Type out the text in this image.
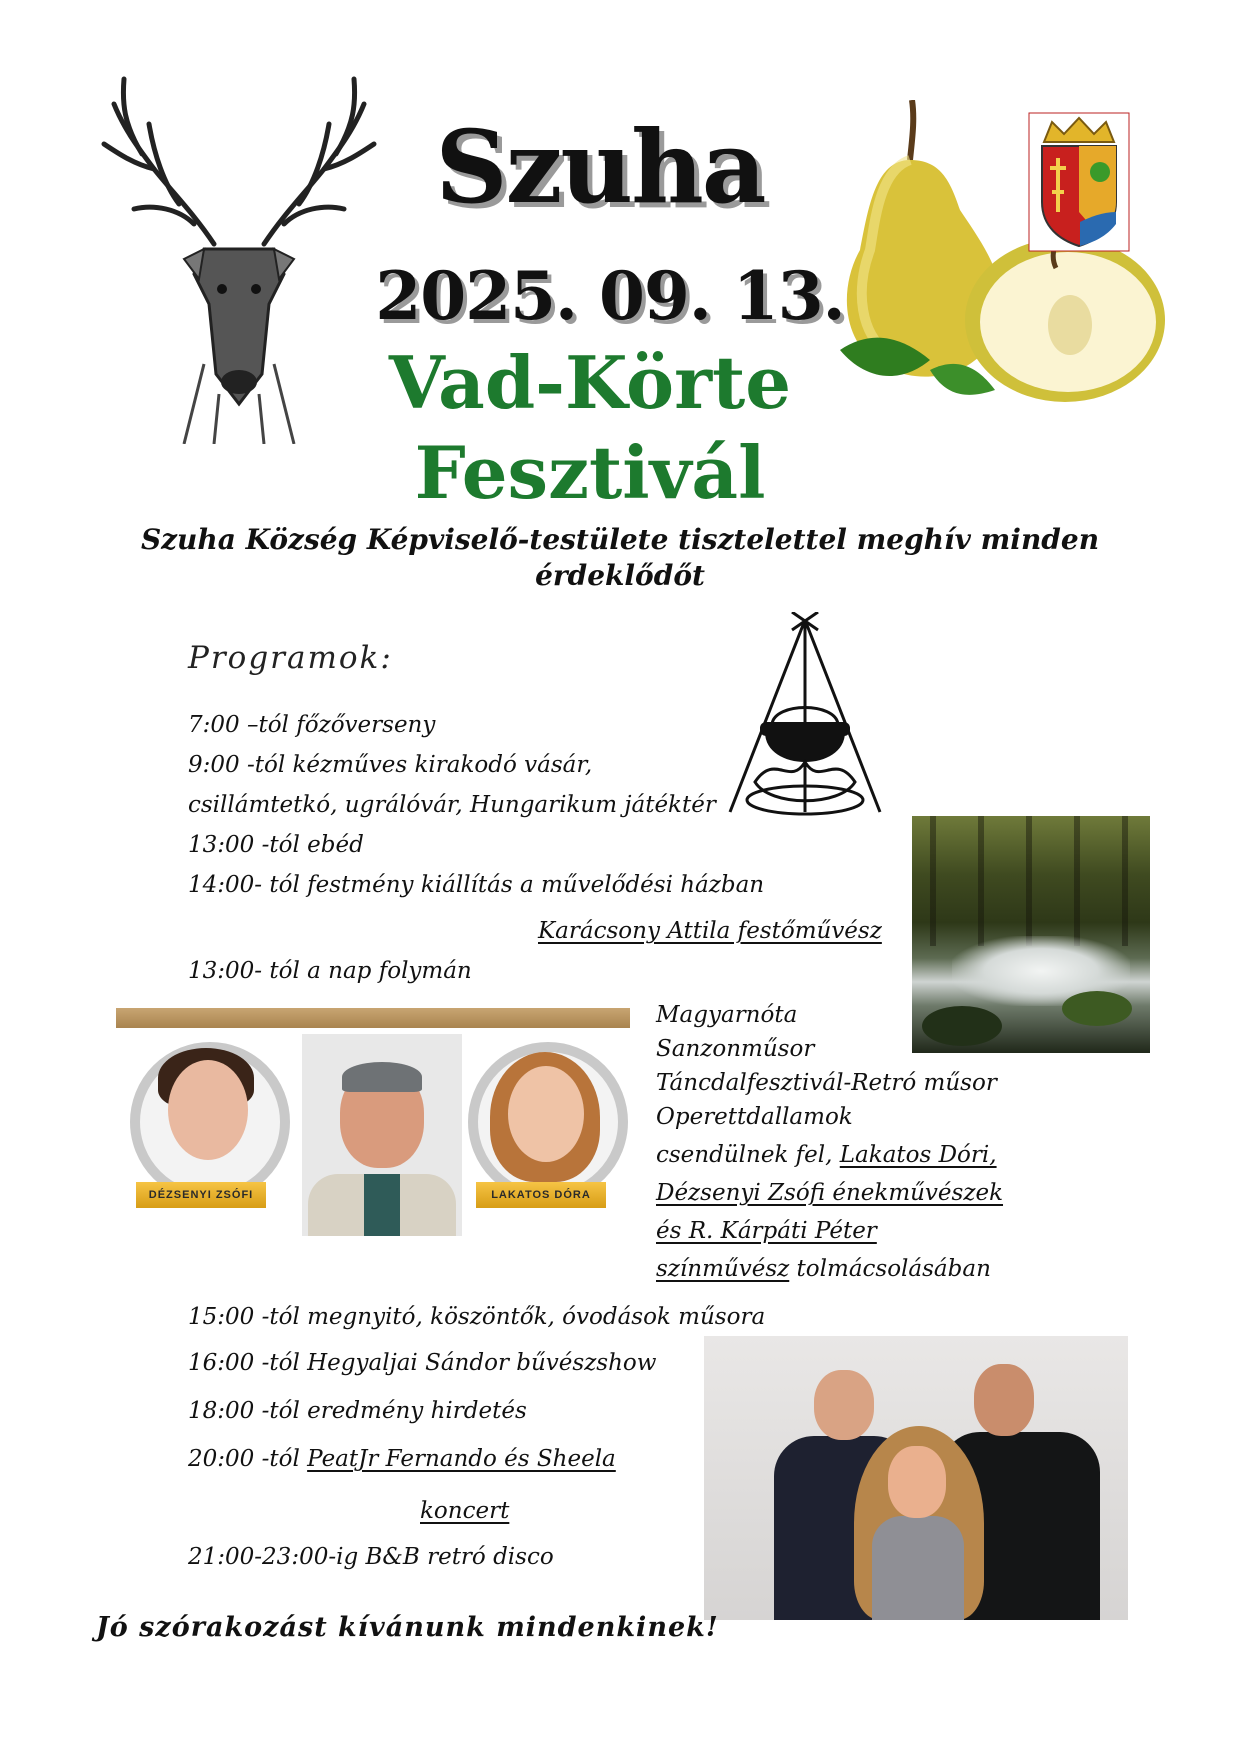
Szuha
2025. 09. 13.
Vad-Körte
Fesztivál
Szuha Község Képviselő-testülete tisztelettel meghív minden érdeklődőt
Programok:
7:00 –tól főzőverseny
9:00 -tól kézműves kirakodó vásár,
csillámtetkó, ugrálóvár, Hungarikum játéktér
13:00 -tól ebéd
14:00- tól festmény kiállítás a művelődési házban
Karácsony Attila festőművész
13:00- tól a nap folymán
DÉZSENYI ZSÓFI	LAKATOS DÓRA
Magyarnóta
Sanzonműsor
Táncdalfesztivál-Retró műsor
Operettdallamok
csendülnek fel, Lakatos Dóri,
Dézsenyi Zsófi énekművészek
és R. Kárpáti Péter
színművész tolmácsolásában
15:00 -tól megnyitó, köszöntők, óvodások műsora
16:00 -tól Hegyaljai Sándor bűvészshow
18:00 -tól eredmény hirdetés
20:00 -tól PeatJr Fernando és Sheela
koncert
21:00-23:00-ig B&B retró disco
Jó szórakozást kívánunk mindenkinek!
